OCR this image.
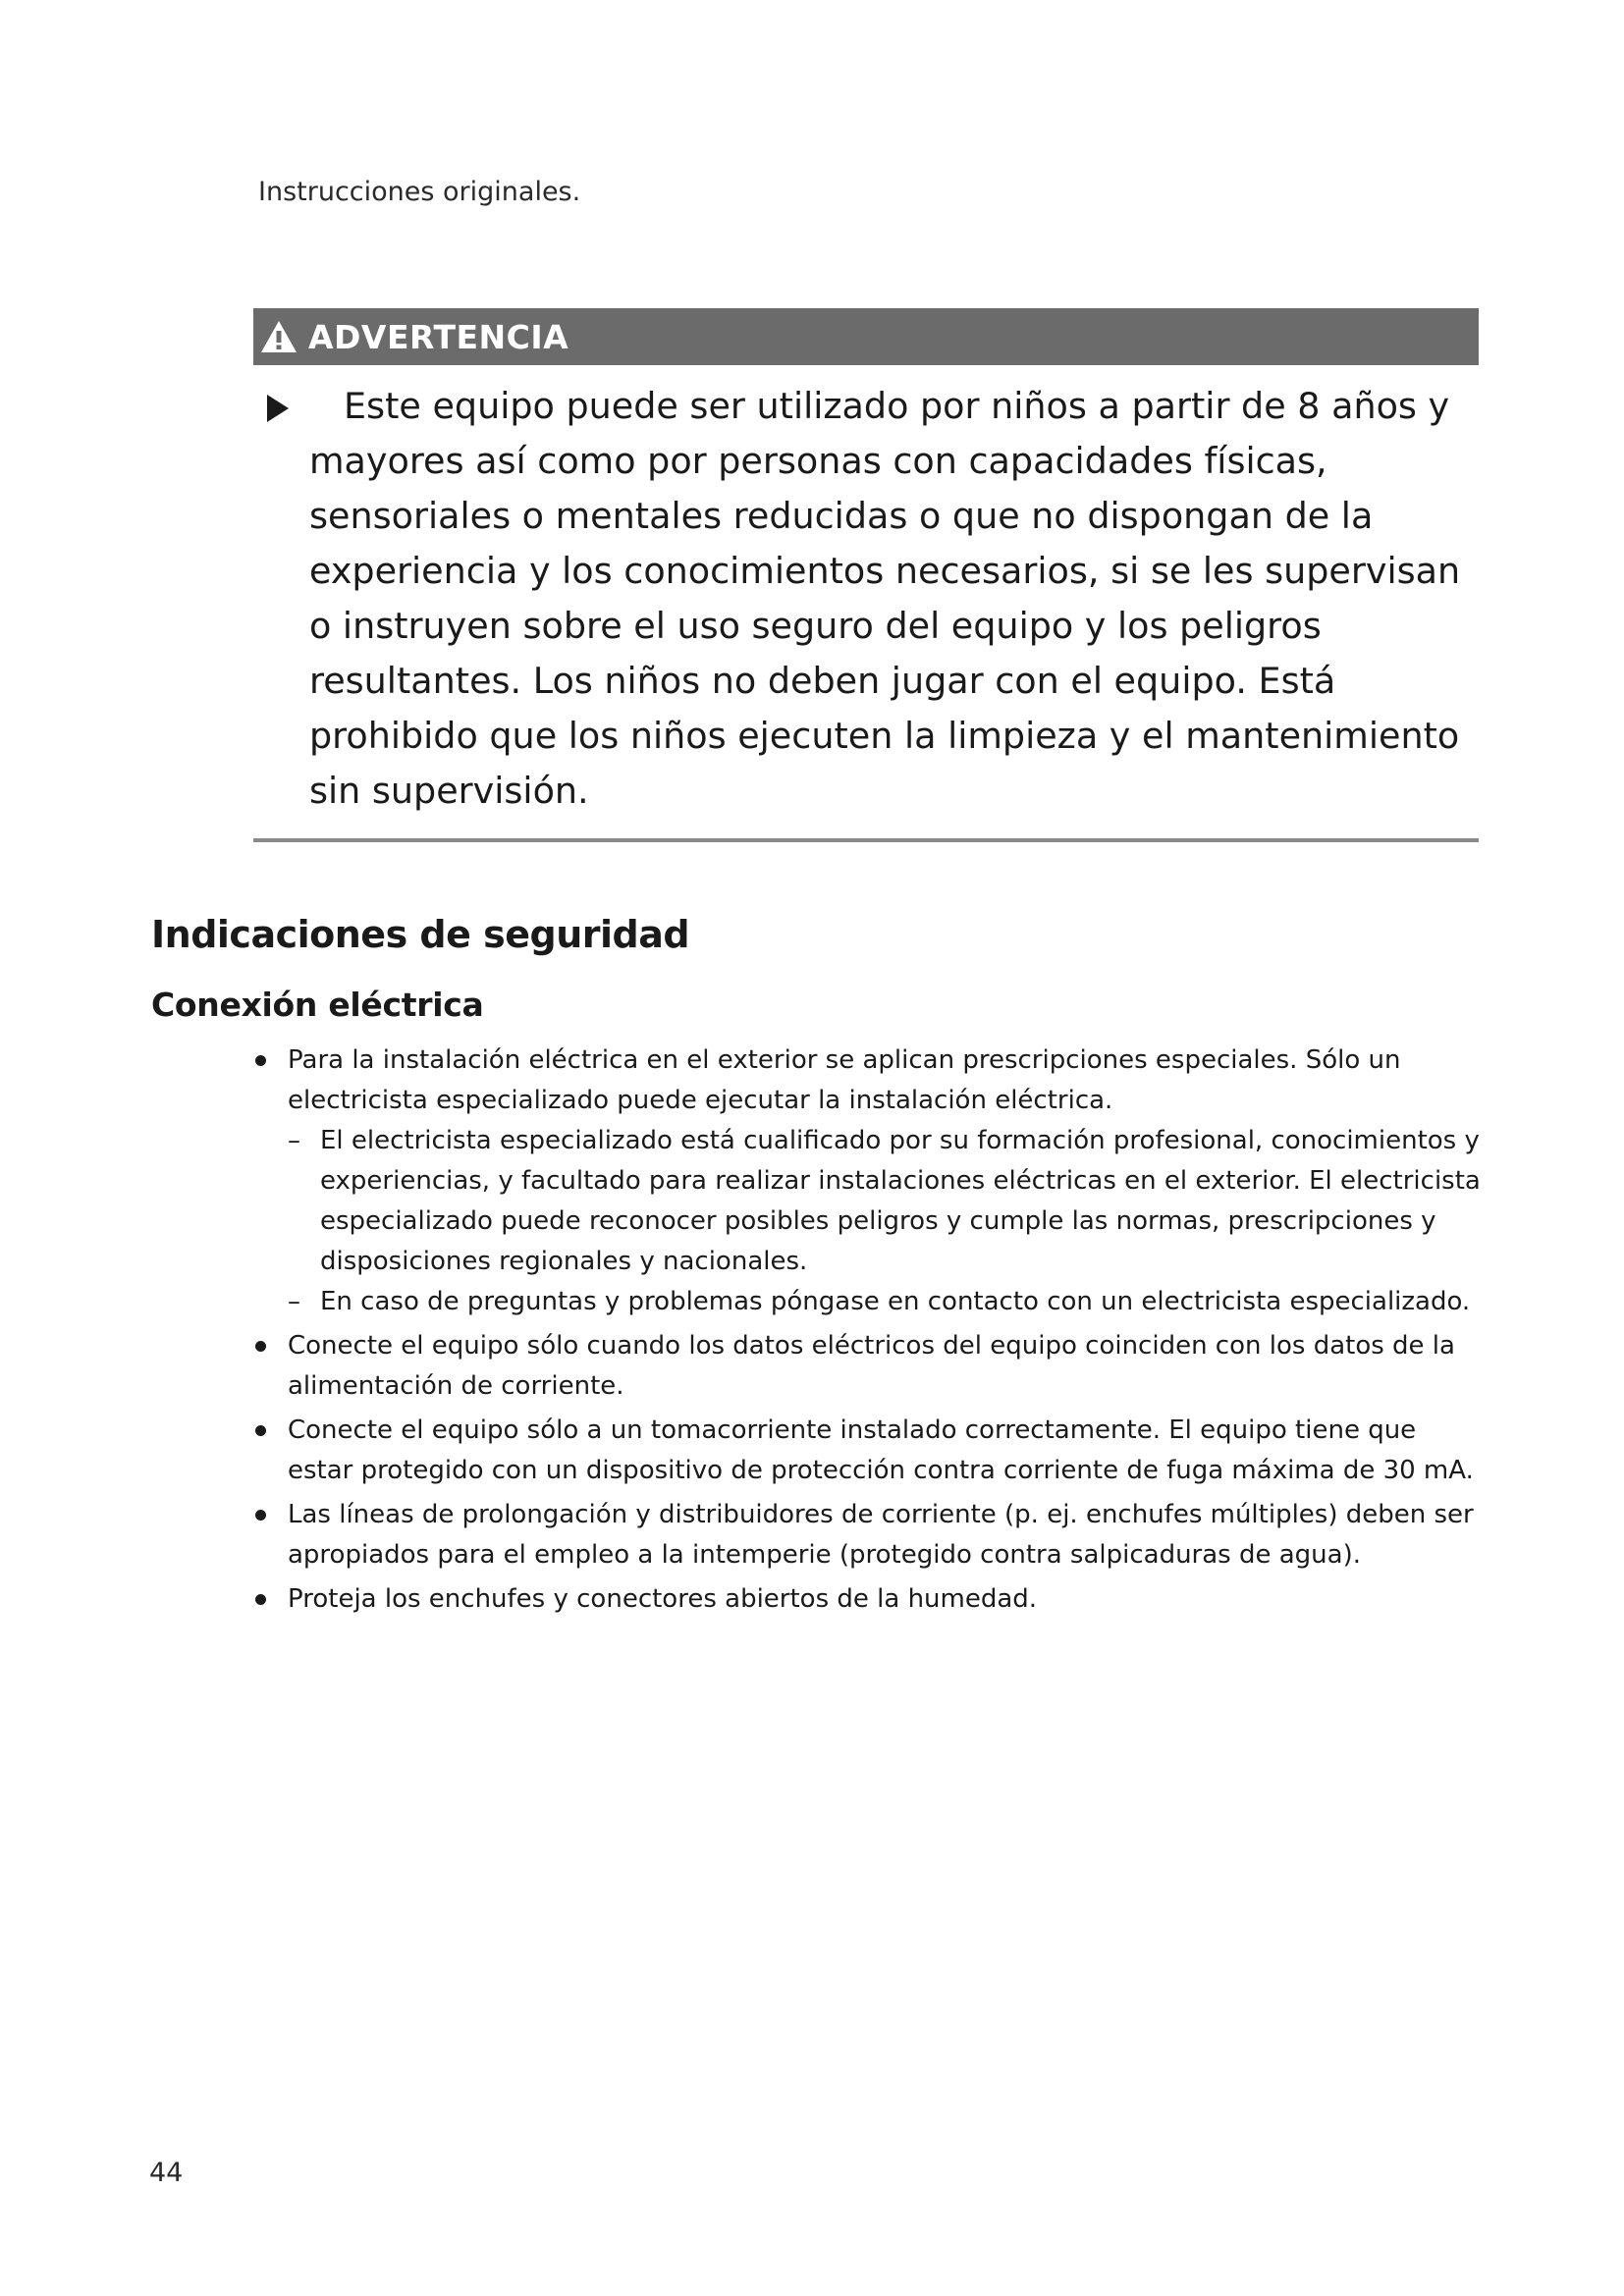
Instrucciones originales.
ADVERTENCIA

Este equipo puede ser utilizado por niños a partir de 8 años y mayores así como por personas con capacidades físicas, sensoriales o mentales reducidas o que no dispongan de la experiencia y los conocimientos necesarios, si se les supervisan o instruyen sobre el uso seguro del equipo y los peligros resultantes. Los niños no deben jugar con el equipo. Está prohibido que los niños ejecuten la limpieza y el mantenimiento sin supervisión.

Indicaciones de seguridad
Conexión eléctrica
Para la instalación eléctrica en el exterior se aplican prescripciones especiales. Sólo un electricista especializado puede ejecutar la instalación eléctrica.
– El electricista especializado está cualificado por su formación profesional, conocimientos y experiencias, y facultado para realizar instalaciones eléctricas en el exterior. El electricista especializado puede reconocer posibles peligros y cumple las normas, prescripciones y disposiciones regionales y nacionales.
– En caso de preguntas y problemas póngase en contacto con un electricista especializado.
Conecte el equipo sólo cuando los datos eléctricos del equipo coinciden con los datos de la alimentación de corriente.
Conecte el equipo sólo a un tomacorriente instalado correctamente. El equipo tiene que estar protegido con un dispositivo de protección contra corriente de fuga máxima de 30 mA.
Las líneas de prolongación y distribuidores de corriente (p. ej. enchufes múltiples) deben ser apropiados para el empleo a la intemperie (protegido contra salpicaduras de agua).
Proteja los enchufes y conectores abiertos de la humedad.
44
